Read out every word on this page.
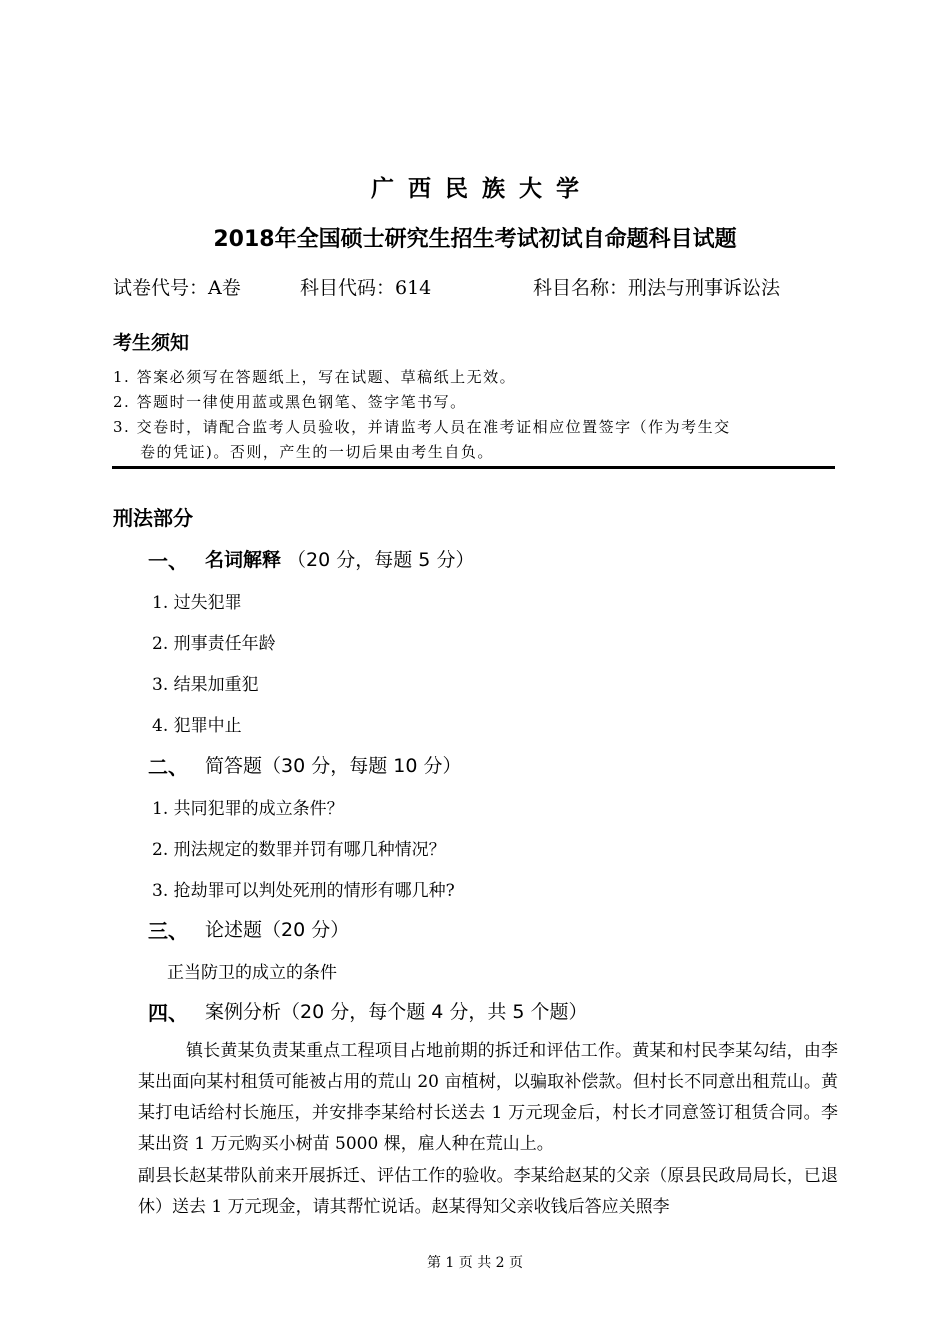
广西民族大学
2018年全国硕士研究生招生考试初试自命题科目试题
试卷代号：A卷	科目代码：614	科目名称：刑法与刑事诉讼法
考生须知
1. 答案必须写在答题纸上，写在试题、草稿纸上无效。
2. 答题时一律使用蓝或黑色钢笔、签字笔书写。
3. 交卷时，请配合监考人员验收，并请监考人员在准考证相应位置签字（作为考生交
卷的凭证)。否则，产生的一切后果由考生自负。
刑法部分
一、 名词解释 （20 分，每题 5 分）
1. 过失犯罪
2. 刑事责任年龄
3. 结果加重犯
4. 犯罪中止
二、 简答题（30 分，每题 10 分）
1. 共同犯罪的成立条件？
2. 刑法规定的数罪并罚有哪几种情况？
3. 抢劫罪可以判处死刑的情形有哪几种?
三、 论述题（20 分）
正当防卫的成立的条件
四、 案例分析（20 分，每个题 4 分，共 5 个题）
镇长黄某负责某重点工程项目占地前期的拆迁和评估工作。黄某和村民李某勾结，由李某出面向某村租赁可能被占用的荒山 20 亩植树，以骗取补偿款。但村长不同意出租荒山。黄某打电话给村长施压，并安排李某给村长送去 1 万元现金后，村长才同意签订租赁合同。李某出资 1 万元购买小树苗 5000 棵，雇人种在荒山上。
副县长赵某带队前来开展拆迁、评估工作的验收。李某给赵某的父亲（原县民政局局长，已退休）送去 1 万元现金，请其帮忙说话。赵某得知父亲收钱后答应关照李
第 1 页 共 2 页
